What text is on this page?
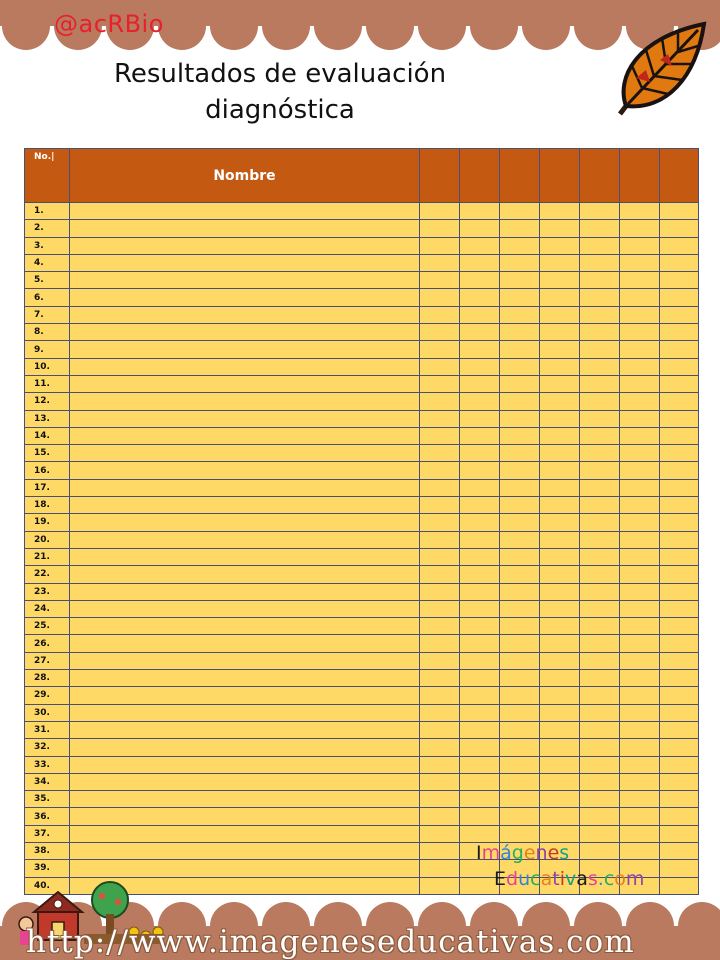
@acRBio
Resultados de evaluación
diagnóstica
No.|	Nombre							
1.								
2.								
3.								
4.								
5.								
6.								
7.								
8.								
9.								
10.								
11.								
12.								
13.								
14.								
15.								
16.								
17.								
18.								
19.								
20.								
21.								
22.								
23.								
24.								
25.								
26.								
27.								
28.								
29.								
30.								
31.								
32.								
33.								
34.								
35.								
36.								
37.								
38.								
39.								
40.								
Imágenes
Educativas.com
http://www.imageneseducativas.com
